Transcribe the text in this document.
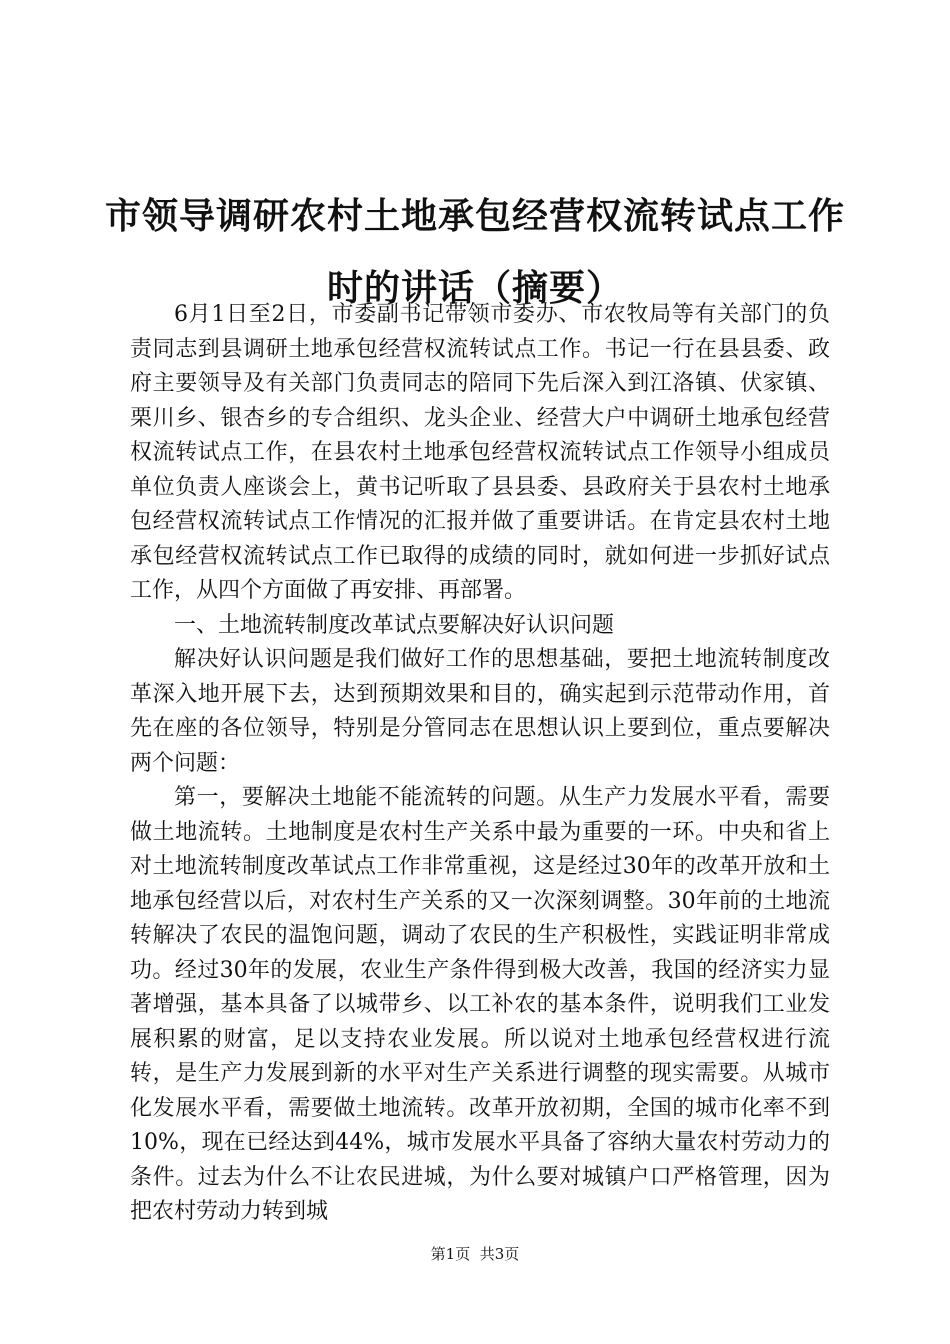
市领导调研农村土地承包经营权流转试点工作时的讲话（摘要）

6月1日至2日，市委副书记带领市委办、市农牧局等有关部门的负责同志到县调研土地承包经营权流转试点工作。书记一行在县县委、政府主要领导及有关部门负责同志的陪同下先后深入到江洛镇、伏家镇、栗川乡、银杏乡的专合组织、龙头企业、经营大户中调研土地承包经营权流转试点工作，在县农村土地承包经营权流转试点工作领导小组成员单位负责人座谈会上，黄书记听取了县县委、县政府关于县农村土地承包经营权流转试点工作情况的汇报并做了重要讲话。在肯定县农村土地承包经营权流转试点工作已取得的成绩的同时，就如何进一步抓好试点工作，从四个方面做了再安排、再部署。

一、土地流转制度改革试点要解决好认识问题

解决好认识问题是我们做好工作的思想基础，要把土地流转制度改革深入地开展下去，达到预期效果和目的，确实起到示范带动作用，首先在座的各位领导，特别是分管同志在思想认识上要到位，重点要解决两个问题：

第一，要解决土地能不能流转的问题。从生产力发展水平看，需要做土地流转。土地制度是农村生产关系中最为重要的一环。中央和省上对土地流转制度改革试点工作非常重视，这是经过30年的改革开放和土地承包经营以后，对农村生产关系的又一次深刻调整。30年前的土地流转解决了农民的温饱问题，调动了农民的生产积极性，实践证明非常成功。经过30年的发展，农业生产条件得到极大改善，我国的经济实力显著增强，基本具备了以城带乡、以工补农的基本条件，说明我们工业发展积累的财富，足以支持农业发展。所以说对土地承包经营权进行流转，是生产力发展到新的水平对生产关系进行调整的现实需要。从城市化发展水平看，需要做土地流转。改革开放初期，全国的城市化率不到10%，现在已经达到44%，城市发展水平具备了容纳大量农村劳动力的条件。过去为什么不让农民进城，为什么要对城镇户口严格管理，因为把农村劳动力转到城

第1页 共3页
